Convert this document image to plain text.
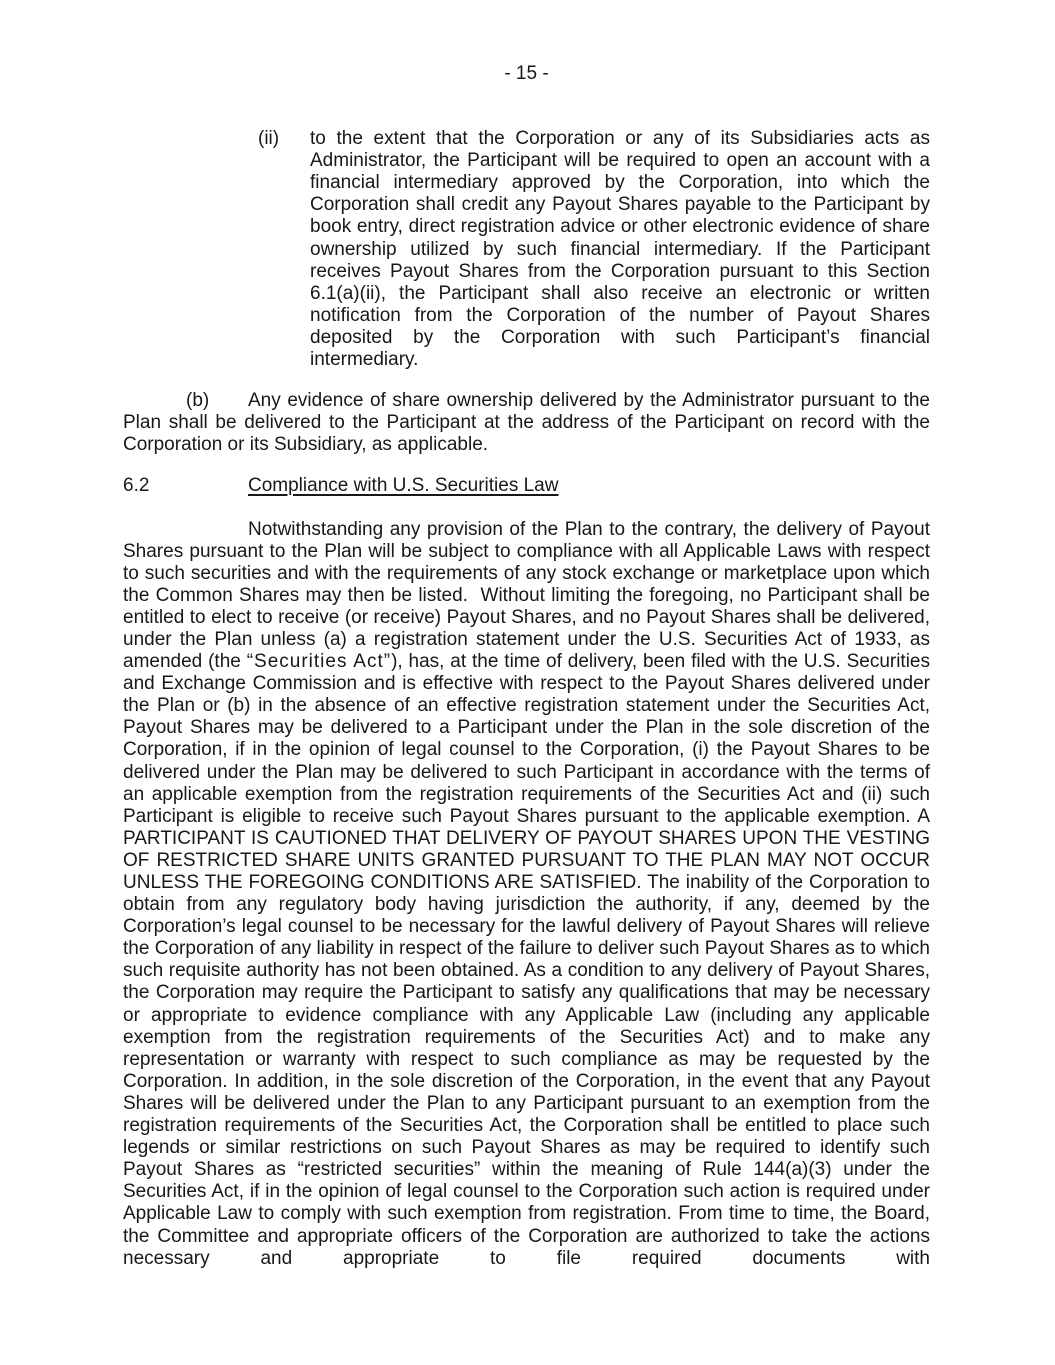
- 15 -
(ii) to the extent that the Corporation or any of its Subsidiaries acts as Administrator, the Participant will be required to open an account with a financial intermediary approved by the Corporation, into which the Corporation shall credit any Payout Shares payable to the Participant by book entry, direct registration advice or other electronic evidence of share ownership utilized by such financial intermediary. If the Participant receives Payout Shares from the Corporation pursuant to this Section 6.1(a)(ii), the Participant shall also receive an electronic or written notification from the Corporation of the number of Payout Shares deposited by the Corporation with such Participant’s financial intermediary.

(b) Any evidence of share ownership delivered by the Administrator pursuant to the Plan shall be delivered to the Participant at the address of the Participant on record with the Corporation or its Subsidiary, as applicable.

6.2	Compliance with U.S. Securities Law

Notwithstanding any provision of the Plan to the contrary, the delivery of Payout Shares pursuant to the Plan will be subject to compliance with all Applicable Laws with respect to such securities and with the requirements of any stock exchange or marketplace upon which the Common Shares may then be listed.  Without limiting the foregoing, no Participant shall be entitled to elect to receive (or receive) Payout Shares, and no Payout Shares shall be delivered, under the Plan unless (a) a registration statement under the U.S. Securities Act of 1933, as amended (the “Securities Act”), has, at the time of delivery, been filed with the U.S. Securities and Exchange Commission and is effective with respect to the Payout Shares delivered under the Plan or (b) in the absence of an effective registration statement under the Securities Act, Payout Shares may be delivered to a Participant under the Plan in the sole discretion of the Corporation, if in the opinion of legal counsel to the Corporation, (i) the Payout Shares to be delivered under the Plan may be delivered to such Participant in accordance with the terms of an applicable exemption from the registration requirements of the Securities Act and (ii) such Participant is eligible to receive such Payout Shares pursuant to the applicable exemption. A PARTICIPANT IS CAUTIONED THAT DELIVERY OF PAYOUT SHARES UPON THE VESTING OF RESTRICTED SHARE UNITS GRANTED PURSUANT TO THE PLAN MAY NOT OCCUR UNLESS THE FOREGOING CONDITIONS ARE SATISFIED. The inability of the Corporation to obtain from any regulatory body having jurisdiction the authority, if any, deemed by the Corporation’s legal counsel to be necessary for the lawful delivery of Payout Shares will relieve the Corporation of any liability in respect of the failure to deliver such Payout Shares as to which such requisite authority has not been obtained. As a condition to any delivery of Payout Shares, the Corporation may require the Participant to satisfy any qualifications that may be necessary or appropriate to evidence compliance with any Applicable Law (including any applicable exemption from the registration requirements of the Securities Act) and to make any representation or warranty with respect to such compliance as may be requested by the Corporation. In addition, in the sole discretion of the Corporation, in the event that any Payout Shares will be delivered under the Plan to any Participant pursuant to an exemption from the registration requirements of the Securities Act, the Corporation shall be entitled to place such legends or similar restrictions on such Payout Shares as may be required to identify such Payout Shares as “restricted securities” within the meaning of Rule 144(a)(3) under the Securities Act, if in the opinion of legal counsel to the Corporation such action is required under Applicable Law to comply with such exemption from registration. From time to time, the Board, the Committee and appropriate officers of the Corporation are authorized to take the actions necessary and appropriate to file required documents with
